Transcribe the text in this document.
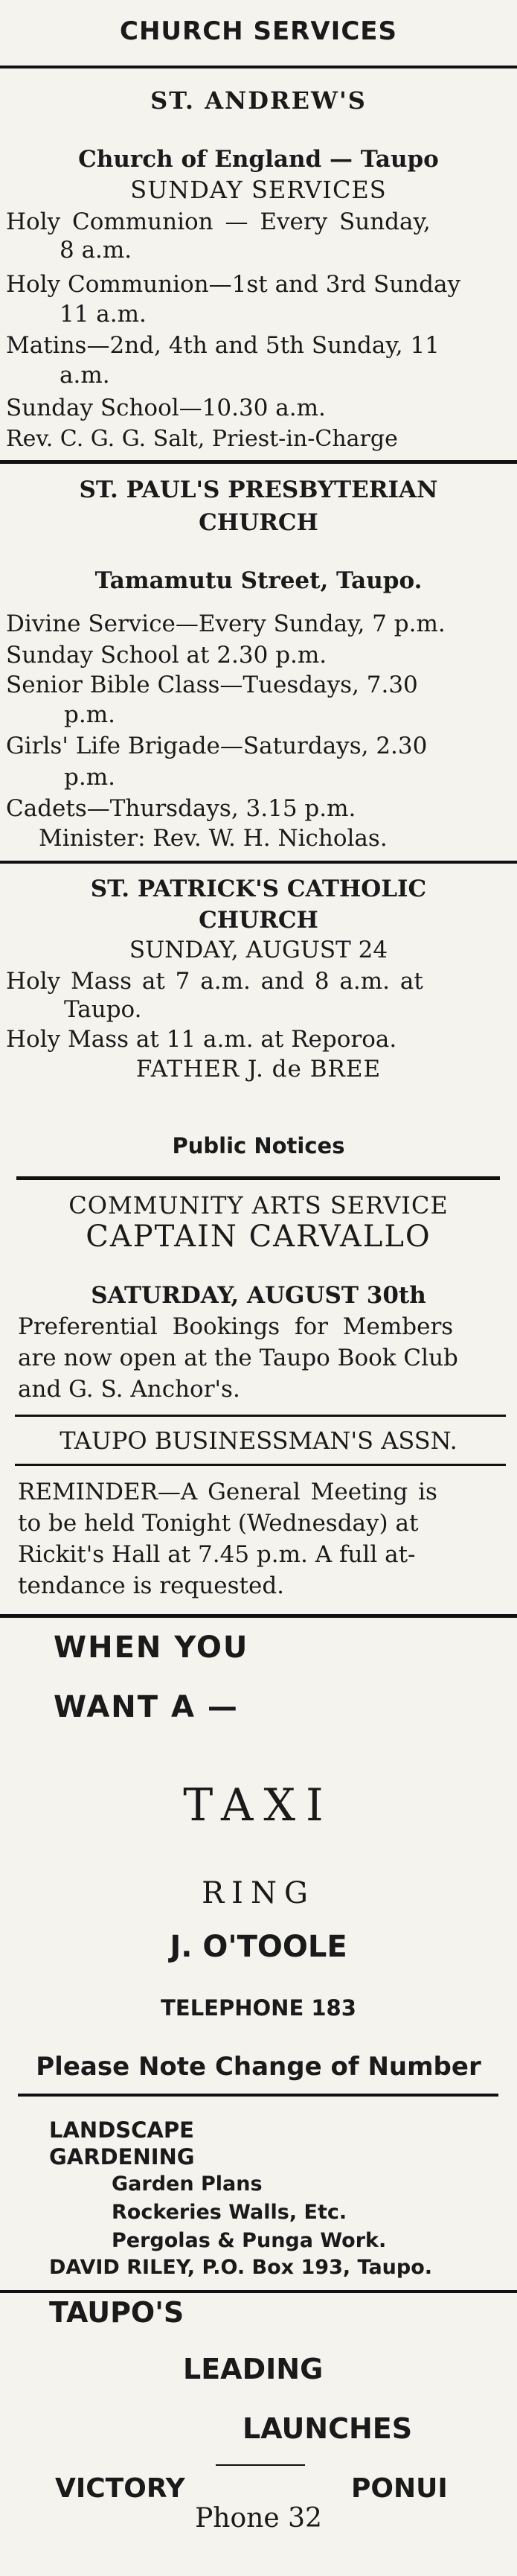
CHURCH SERVICES
ST. ANDREW'S
Church of England — Taupo
SUNDAY SERVICES
Holy Communion — Every Sunday,
8 a.m.
Holy Communion—1st and 3rd Sunday
11 a.m.
Matins—2nd, 4th and 5th Sunday, 11
a.m.
Sunday School—10.30 a.m.
Rev. C. G. G. Salt, Priest-in-Charge
ST. PAUL'S PRESBYTERIAN
CHURCH
Tamamutu Street, Taupo.
Divine Service—Every Sunday, 7 p.m.
Sunday School at 2.30 p.m.
Senior Bible Class—Tuesdays, 7.30
p.m.
Girls' Life Brigade—Saturdays, 2.30
p.m.
Cadets—Thursdays, 3.15 p.m.
Minister: Rev. W. H. Nicholas.
ST. PATRICK'S CATHOLIC
CHURCH
SUNDAY, AUGUST 24
Holy Mass at 7 a.m. and 8 a.m. at
Taupo.
Holy Mass at 11 a.m. at Reporoa.
FATHER J. de BREE
Public Notices
COMMUNITY ARTS SERVICE
CAPTAIN CARVALLO
SATURDAY, AUGUST 30th
Preferential Bookings for Members
are now open at the Taupo Book Club
and G. S. Anchor's.
TAUPO BUSINESSMAN'S ASSN.
REMINDER—A General Meeting is
to be held Tonight (Wednesday) at
Rickit's Hall at 7.45 p.m. A full at-
tendance is requested.
WHEN YOU
WANT A —
TAXI
RING
J. O'TOOLE
TELEPHONE 183
Please Note Change of Number
LANDSCAPE
GARDENING
Garden Plans
Rockeries Walls, Etc.
Pergolas & Punga Work.
DAVID RILEY, P.O. Box 193, Taupo.
TAUPO'S
LEADING
LAUNCHES
VICTORY	PONUI
Phone 32
